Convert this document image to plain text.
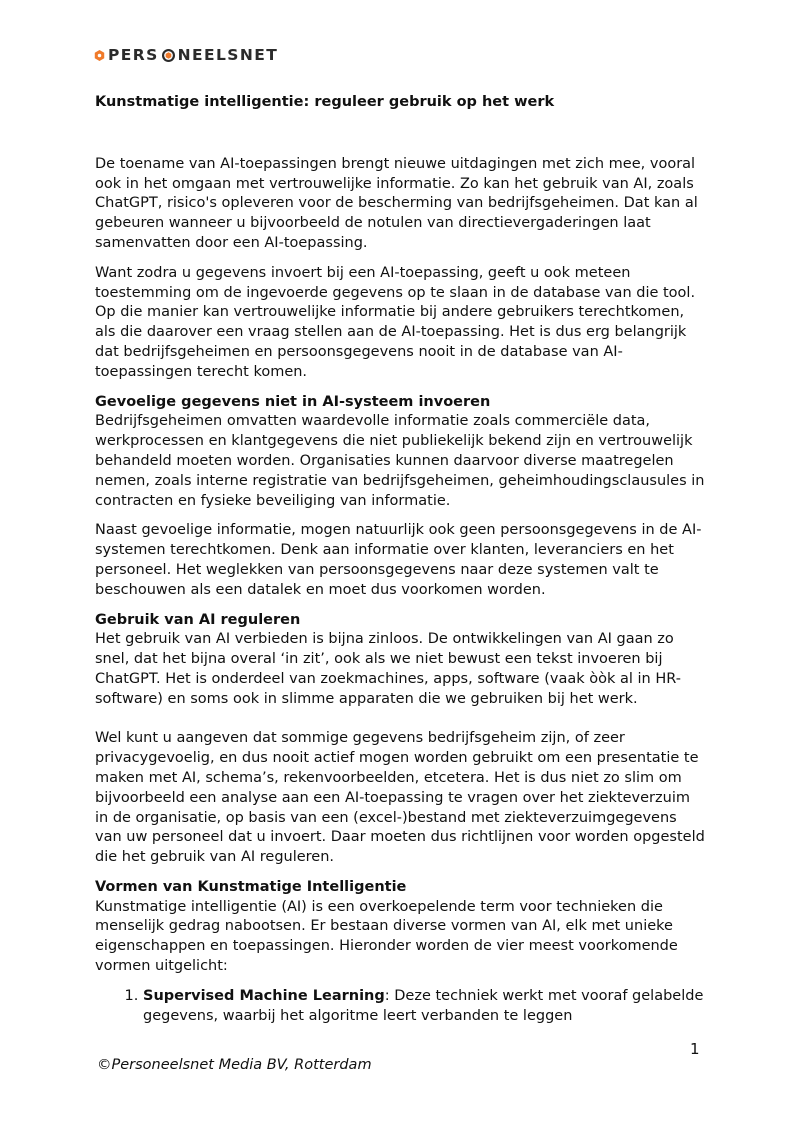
PERS NEELSNET
Kunstmatige intelligentie: reguleer gebruik op het werk

De toename van AI-toepassingen brengt nieuwe uitdagingen met zich mee, vooral ook in het omgaan met vertrouwelijke informatie. Zo kan het gebruik van AI, zoals ChatGPT, risico's opleveren voor de bescherming van bedrijfsgeheimen. Dat kan al gebeuren wanneer u bijvoorbeeld de notulen van directievergaderingen laat samenvatten door een AI-toepassing.

Want zodra u gegevens invoert bij een AI-toepassing, geeft u ook meteen toestemming om de ingevoerde gegevens op te slaan in de database van die tool. Op die manier kan vertrouwelijke informatie bij andere gebruikers terechtkomen, als die daarover een vraag stellen aan de AI-toepassing. Het is dus erg belangrijk dat bedrijfsgeheimen en persoonsgegevens nooit in de database van AI-toepassingen terecht komen.

Gevoelige gegevens niet in AI-systeem invoeren

Bedrijfsgeheimen omvatten waardevolle informatie zoals commerciële data, werkprocessen en klantgegevens die niet publiekelijk bekend zijn en vertrouwelijk behandeld moeten worden. Organisaties kunnen daarvoor diverse maatregelen nemen, zoals interne registratie van bedrijfsgeheimen, geheimhoudingsclausules in contracten en fysieke beveiliging van informatie.

Naast gevoelige informatie, mogen natuurlijk ook geen persoonsgegevens in de AI-systemen terechtkomen. Denk aan informatie over klanten, leveranciers en het personeel. Het weglekken van persoonsgegevens naar deze systemen valt te beschouwen als een datalek en moet dus voorkomen worden.

Gebruik van AI reguleren

Het gebruik van AI verbieden is bijna zinloos. De ontwikkelingen van AI gaan zo snel, dat het bijna overal ‘in zit’, ook als we niet bewust een tekst invoeren bij ChatGPT. Het is onderdeel van zoekmachines, apps, software (vaak òòk al in HR-software) en soms ook in slimme apparaten die we gebruiken bij het werk.

Wel kunt u aangeven dat sommige gegevens bedrijfsgeheim zijn, of zeer privacygevoelig, en dus nooit actief mogen worden gebruikt om een presentatie te maken met AI, schema’s, rekenvoorbeelden, etcetera. Het is dus niet zo slim om bijvoorbeeld een analyse aan een AI-toepassing te vragen over het ziekteverzuim in de organisatie, op basis van een (excel-)bestand met ziekteverzuimgegevens van uw personeel dat u invoert. Daar moeten dus richtlijnen voor worden opgesteld die het gebruik van AI reguleren.

Vormen van Kunstmatige Intelligentie

Kunstmatige intelligentie (AI) is een overkoepelende term voor technieken die menselijk gedrag nabootsen. Er bestaan diverse vormen van AI, elk met unieke eigenschappen en toepassingen. Hieronder worden de vier meest voorkomende vormen uitgelicht:

1. Supervised Machine Learning: Deze techniek werkt met vooraf gelabelde gegevens, waarbij het algoritme leert verbanden te leggen
1
©Personeelsnet Media BV, Rotterdam
